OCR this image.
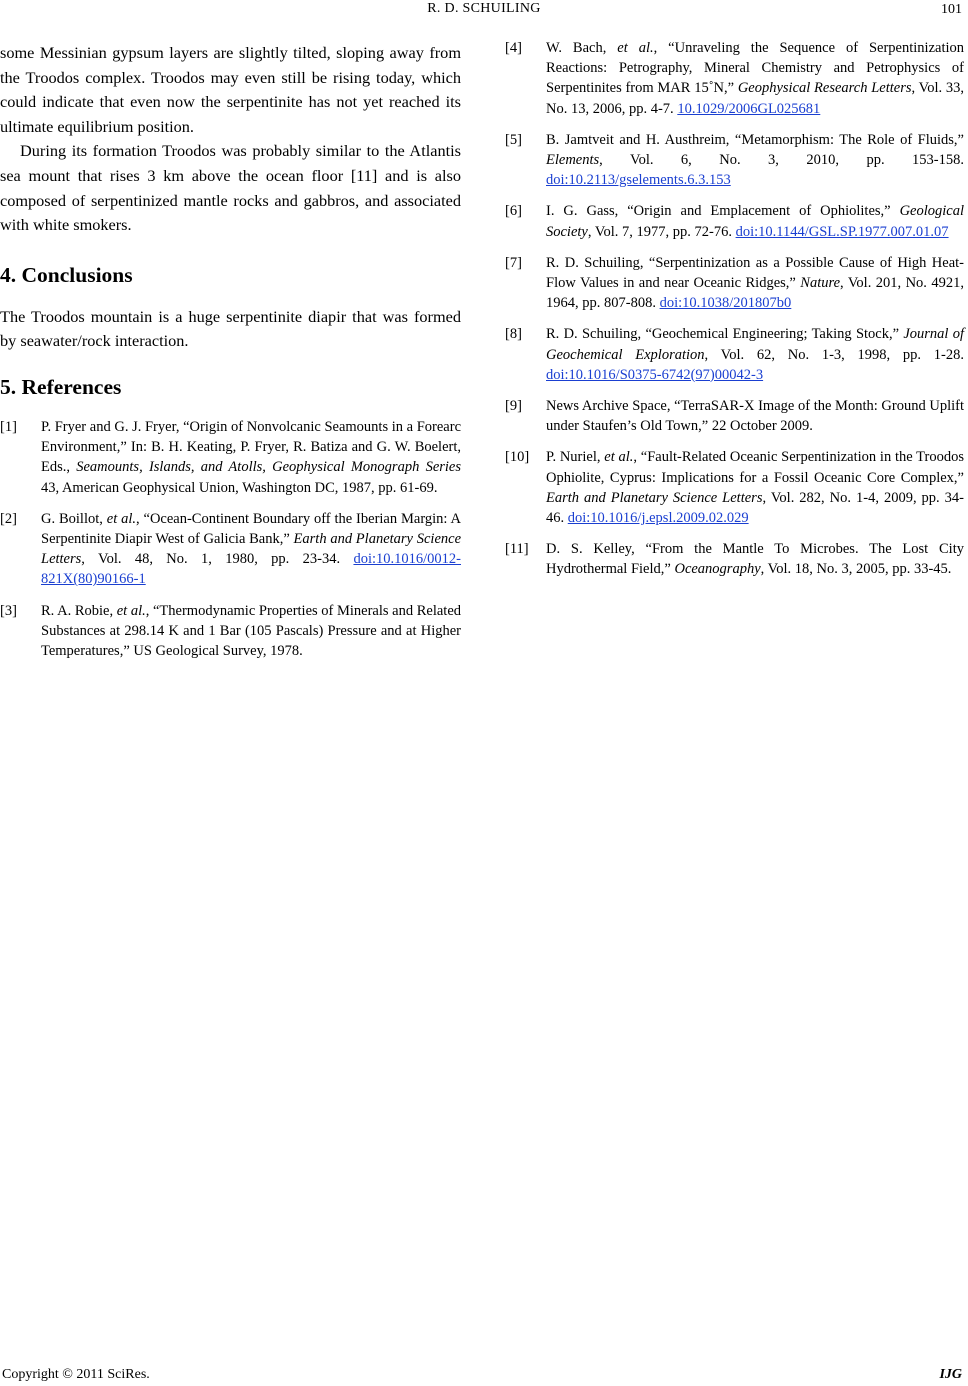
R. D. SCHUILING	101

some Messinian gypsum layers are slightly tilted, sloping away from the Troodos complex. Troodos may even still be rising today, which could indicate that even now the serpentinite has not yet reached its ultimate equilibrium position.

During its formation Troodos was probably similar to the Atlantis sea mount that rises 3 km above the ocean floor [11] and is also composed of serpentinized mantle rocks and gabbros, and associated with white smokers.

4. Conclusions

The Troodos mountain is a huge serpentinite diapir that was formed by seawater/rock interaction.

5. References
[1]	P. Fryer and G. J. Fryer, “Origin of Nonvolcanic Seamounts in a Forearc Environment,” In: B. H. Keating, P. Fryer, R. Batiza and G. W. Boelert, Eds., Seamounts, Islands, and Atolls, Geophysical Monograph Series 43, American Geophysical Union, Washington DC, 1987, pp. 61-69.
[2]	G. Boillot, et al., “Ocean-Continent Boundary off the Iberian Margin: A Serpentinite Diapir West of Galicia Bank,” Earth and Planetary Science Letters, Vol. 48, No. 1, 1980, pp. 23-34. doi:10.1016/0012-821X(80)90166-1
[3]	R. A. Robie, et al., “Thermodynamic Properties of Minerals and Related Substances at 298.14 K and 1 Bar (105 Pascals) Pressure and at Higher Temperatures,” US Geological Survey, 1978.
[4]	W. Bach, et al., “Unraveling the Sequence of Serpentinization Reactions: Petrography, Mineral Chemistry and Petrophysics of Serpentinites from MAR 15˚N,” Geophysical Research Letters, Vol. 33, No. 13, 2006, pp. 4-7. 10.1029/2006GL025681
[5]	B. Jamtveit and H. Austhreim, “Metamorphism: The Role of Fluids,” Elements, Vol. 6, No. 3, 2010, pp. 153-158. doi:10.2113/gselements.6.3.153
[6]	I. G. Gass, “Origin and Emplacement of Ophiolites,” Geological Society, Vol. 7, 1977, pp. 72-76. doi:10.1144/GSL.SP.1977.007.01.07
[7]	R. D. Schuiling, “Serpentinization as a Possible Cause of High Heat-Flow Values in and near Oceanic Ridges,” Nature, Vol. 201, No. 4921, 1964, pp. 807-808. doi:10.1038/201807b0
[8]	R. D. Schuiling, “Geochemical Engineering; Taking Stock,” Journal of Geochemical Exploration, Vol. 62, No. 1-3, 1998, pp. 1-28. doi:10.1016/S0375-6742(97)00042-3
[9]	News Archive Space, “TerraSAR-X Image of the Month: Ground Uplift under Staufen’s Old Town,” 22 October 2009.
[10]	P. Nuriel, et al., “Fault-Related Oceanic Serpentinization in the Troodos Ophiolite, Cyprus: Implications for a Fossil Oceanic Core Complex,” Earth and Planetary Science Letters, Vol. 282, No. 1-4, 2009, pp. 34-46. doi:10.1016/j.epsl.2009.02.029
[11]	D. S. Kelley, “From the Mantle To Microbes. The Lost City Hydrothermal Field,” Oceanography, Vol. 18, No. 3, 2005, pp. 33-45.
Copyright © 2011 SciRes.	IJG
